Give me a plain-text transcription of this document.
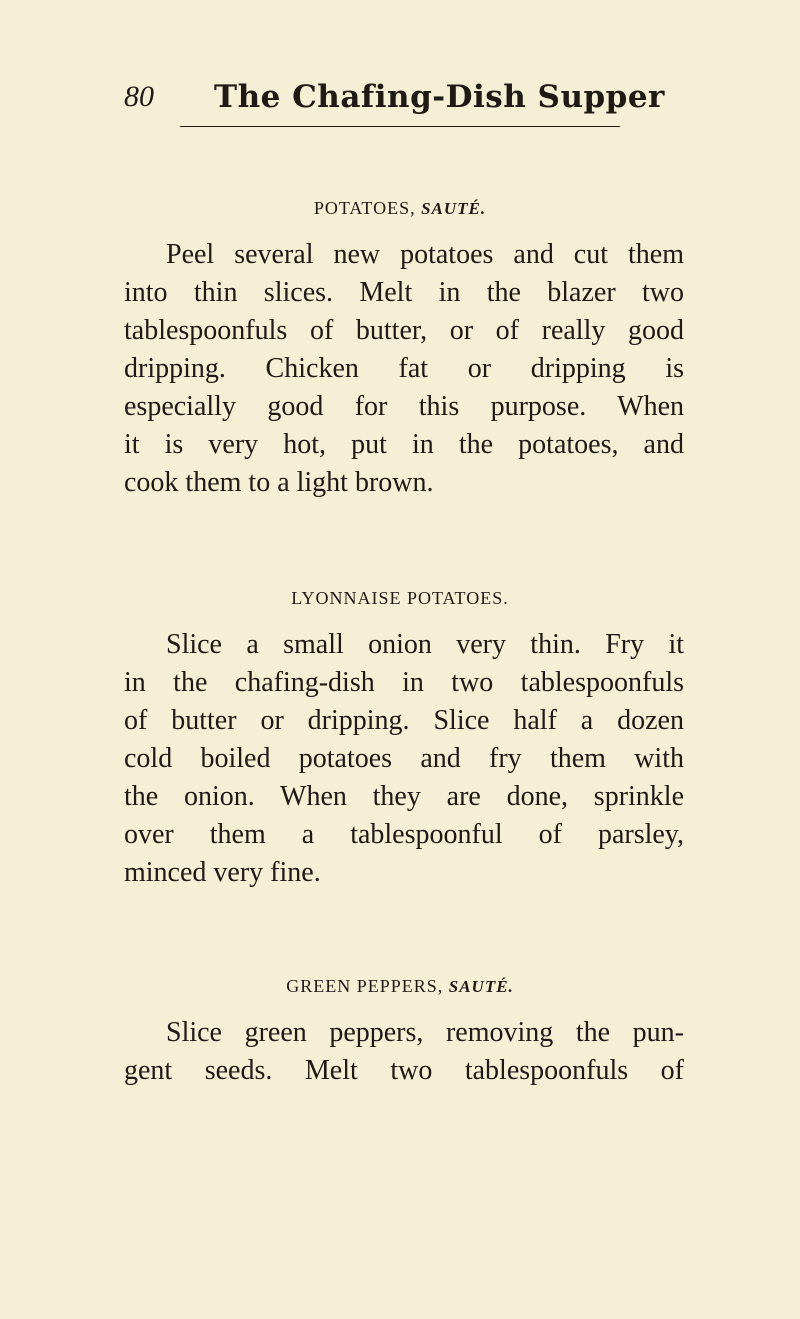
80 The Chafing-Dish Supper
POTATOES, SAUTÉ.
Peel several new potatoes and cut them
into thin slices. Melt in the blazer two
tablespoonfuls of butter, or of really good
dripping. Chicken fat or dripping is
especially good for this purpose. When
it is very hot, put in the potatoes, and
cook them to a light brown.
LYONNAISE POTATOES.
Slice a small onion very thin. Fry it
in the chafing-dish in two tablespoonfuls
of butter or dripping. Slice half a dozen
cold boiled potatoes and fry them with
the onion. When they are done, sprinkle
over them a tablespoonful of parsley,
minced very fine.
GREEN PEPPERS, SAUTÉ.
Slice green peppers, removing the pun-
gent seeds. Melt two tablespoonfuls of
